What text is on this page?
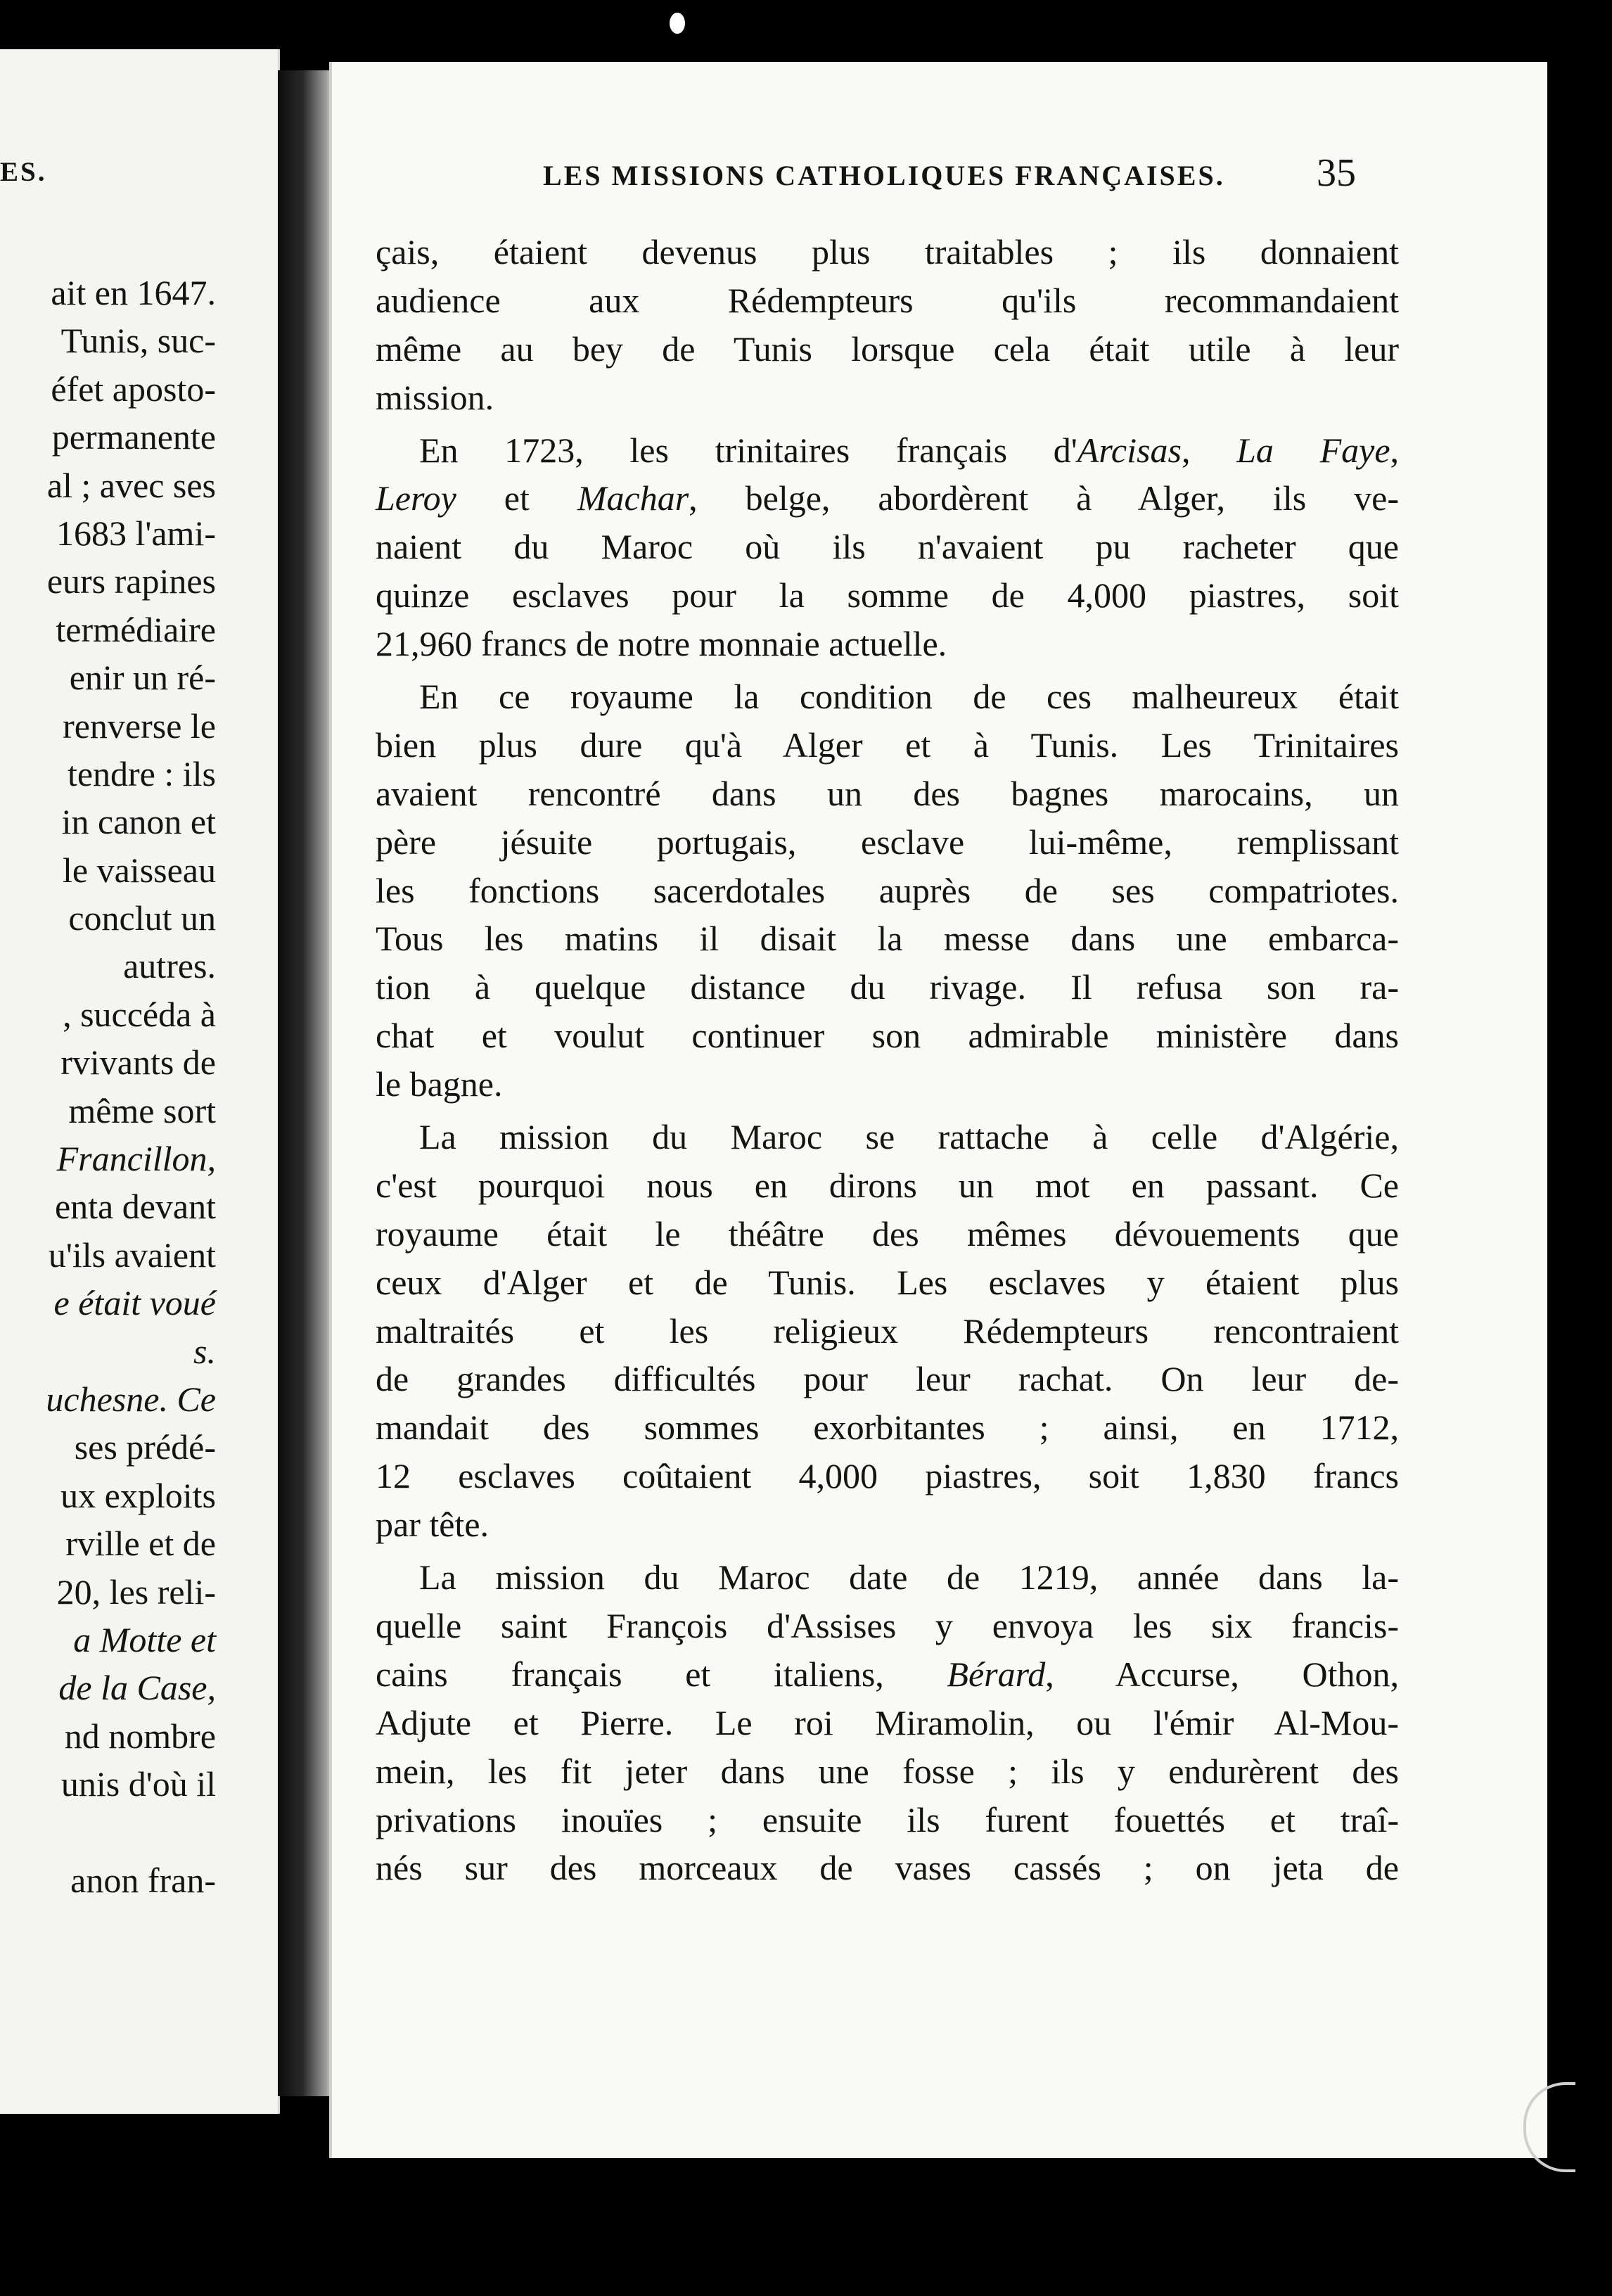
ES.
ait en 1647.
Tunis, suc-
éfet aposto-
permanente
al ; avec ses
1683 l'ami-
eurs rapines
termédiaire
enir un ré-
renverse le
tendre : ils
in canon et
le vaisseau
conclut un
autres.
, succéda à
rvivants de
même sort
Francillon,
enta devant
u'ils avaient
e était voué
s.
uchesne. Ce
ses prédé-
ux exploits
rville et de
20, les reli-
a Motte et
de la Case,
nd nombre
unis d'où il
anon fran-
LES MISSIONS CATHOLIQUES FRANÇAISES. 35
çais, étaient devenus plus traitables ; ils donnaient
audience aux Rédempteurs qu'ils recommandaient
même au bey de Tunis lorsque cela était utile à leur
mission.
En 1723, les trinitaires français d'Arcisas, La Faye,
Leroy et Machar, belge, abordèrent à Alger, ils ve-
naient du Maroc où ils n'avaient pu racheter que
quinze esclaves pour la somme de 4,000 piastres, soit
21,960 francs de notre monnaie actuelle.
En ce royaume la condition de ces malheureux était
bien plus dure qu'à Alger et à Tunis. Les Trinitaires
avaient rencontré dans un des bagnes marocains, un
père jésuite portugais, esclave lui-même, remplissant
les fonctions sacerdotales auprès de ses compatriotes.
Tous les matins il disait la messe dans une embarca-
tion à quelque distance du rivage. Il refusa son ra-
chat et voulut continuer son admirable ministère dans
le bagne.
La mission du Maroc se rattache à celle d'Algérie,
c'est pourquoi nous en dirons un mot en passant. Ce
royaume était le théâtre des mêmes dévouements que
ceux d'Alger et de Tunis. Les esclaves y étaient plus
maltraités et les religieux Rédempteurs rencontraient
de grandes difficultés pour leur rachat. On leur de-
mandait des sommes exorbitantes ; ainsi, en 1712,
12 esclaves coûtaient 4,000 piastres, soit 1,830 francs
par tête.
La mission du Maroc date de 1219, année dans la-
quelle saint François d'Assises y envoya les six francis-
cains français et italiens, Bérard, Accurse, Othon,
Adjute et Pierre. Le roi Miramolin, ou l'émir Al-Mou-
mein, les fit jeter dans une fosse ; ils y endurèrent des
privations inouïes ; ensuite ils furent fouettés et traî-
nés sur des morceaux de vases cassés ; on jeta de
